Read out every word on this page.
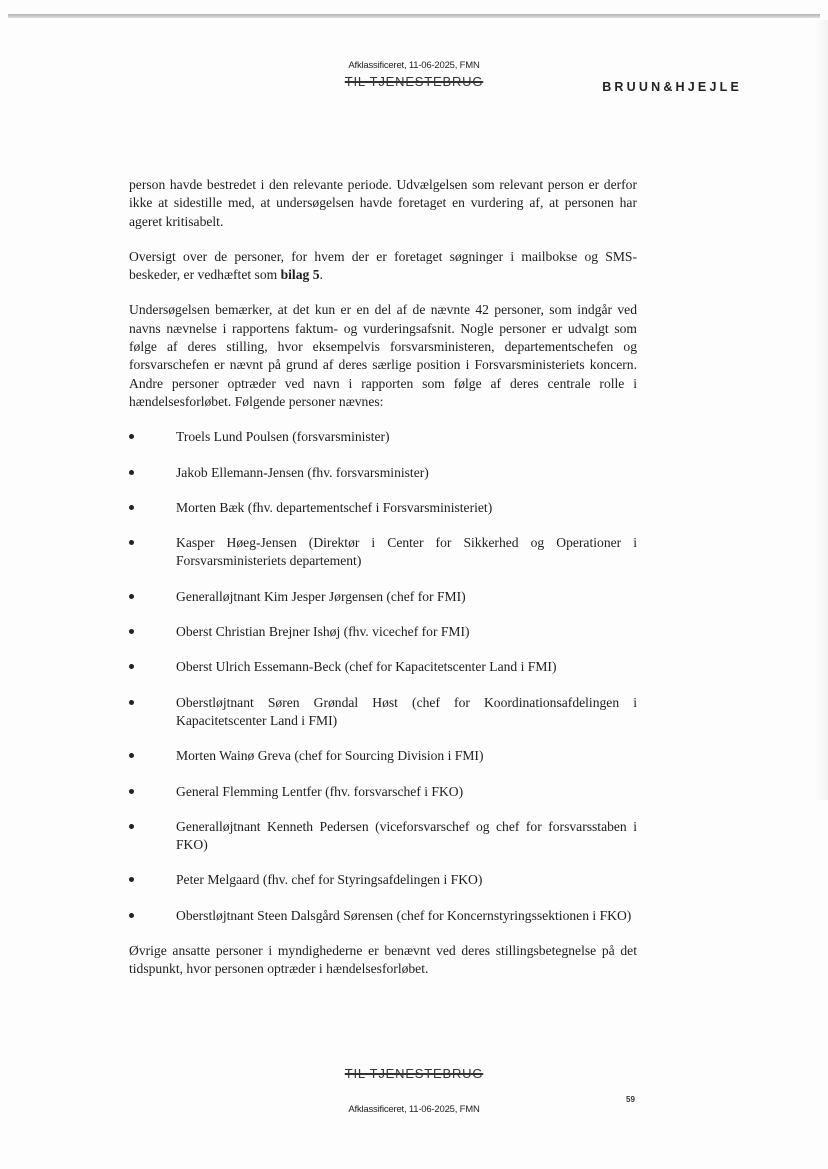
Afklassificeret, 11-06-2025, FMN
TIL TJENESTEBRUG	BRUUN&HJEJLE

person havde bestredet i den relevante periode. Udvælgelsen som relevant person er derfor ikke at sidestille med, at undersøgelsen havde foretaget en vurdering af, at personen har ageret kritisabelt.

Oversigt over de personer, for hvem der er foretaget søgninger i mailbokse og SMS-beskeder, er vedhæftet som bilag 5.

Undersøgelsen bemærker, at det kun er en del af de nævnte 42 personer, som indgår ved navns nævnelse i rapportens faktum- og vurderingsafsnit. Nogle personer er udvalgt som følge af deres stilling, hvor eksempelvis forsvarsministeren, departementschefen og forsvarschefen er nævnt på grund af deres særlige position i Forsvarsministeriets koncern. Andre personer optræder ved navn i rapporten som følge af deres centrale rolle i hændelsesforløbet. Følgende personer nævnes:

Troels Lund Poulsen (forsvarsminister)
Jakob Ellemann-Jensen (fhv. forsvarsminister)
Morten Bæk (fhv. departementschef i Forsvarsministeriet)
Kasper Høeg-Jensen (Direktør i Center for Sikkerhed og Operationer i Forsvarsministeriets departement)
Generalløjtnant Kim Jesper Jørgensen (chef for FMI)
Oberst Christian Brejner Ishøj (fhv. vicechef for FMI)
Oberst Ulrich Essemann-Beck (chef for Kapacitetscenter Land i FMI)
Oberstløjtnant Søren Grøndal Høst (chef for Koordinationsafdelingen i Kapacitetscenter Land i FMI)
Morten Wainø Greva (chef for Sourcing Division i FMI)
General Flemming Lentfer (fhv. forsvarschef i FKO)
Generalløjtnant Kenneth Pedersen (viceforsvarschef og chef for forsvarsstaben i FKO)
Peter Melgaard (fhv. chef for Styringsafdelingen i FKO)
Oberstløjtnant Steen Dalsgård Sørensen (chef for Koncernstyringssektionen i FKO)

Øvrige ansatte personer i myndighederne er benævnt ved deres stillingsbetegnelse på det tidspunkt, hvor personen optræder i hændelsesforløbet.

TIL TJENESTEBRUG
59
Afklassificeret, 11-06-2025, FMN
